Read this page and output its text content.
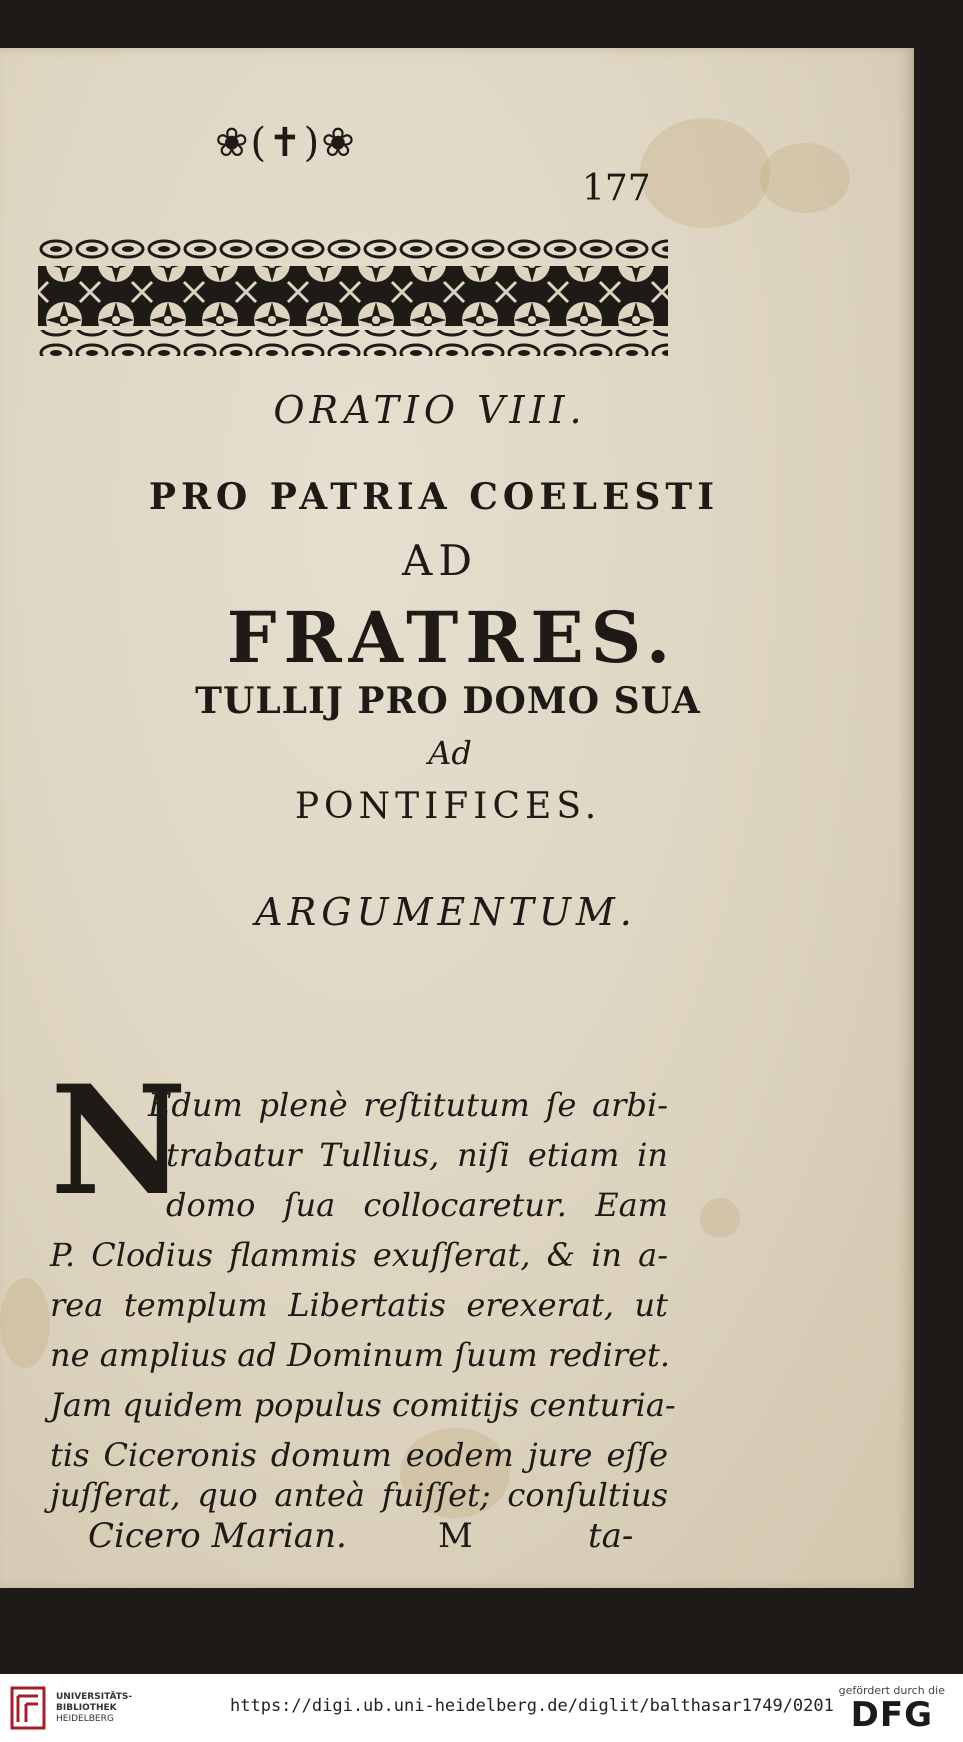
❀(✝)❀
177
ORATIO VIII.
PRO PATRIA COELESTI
AD
FRATRES.
TULLIJ PRO DOMO SUA
Ad
PONTIFICES.
ARGUMENTUM.
N
Edum plenè reſtitutum ſe arbi-
trabatur Tullius, niſi etiam in
domo ſua collocaretur. Eam
P. Clodius flammis exuſſerat, & in a-
rea templum Libertatis erexerat, ut
ne amplius ad Dominum ſuum rediret.
Jam quidem populus comitijs centuria-
tis Ciceronis domum eodem jure eſſe
juſſerat, quo anteà fuiſſet; conſultius
Cicero Marian.	M	ta-
UNIVERSITÄTS-
BIBLIOTHEK
HEIDELBERG
https://digi.ub.uni-heidelberg.de/diglit/balthasar1749/0201
gefördert durch die
DFG
